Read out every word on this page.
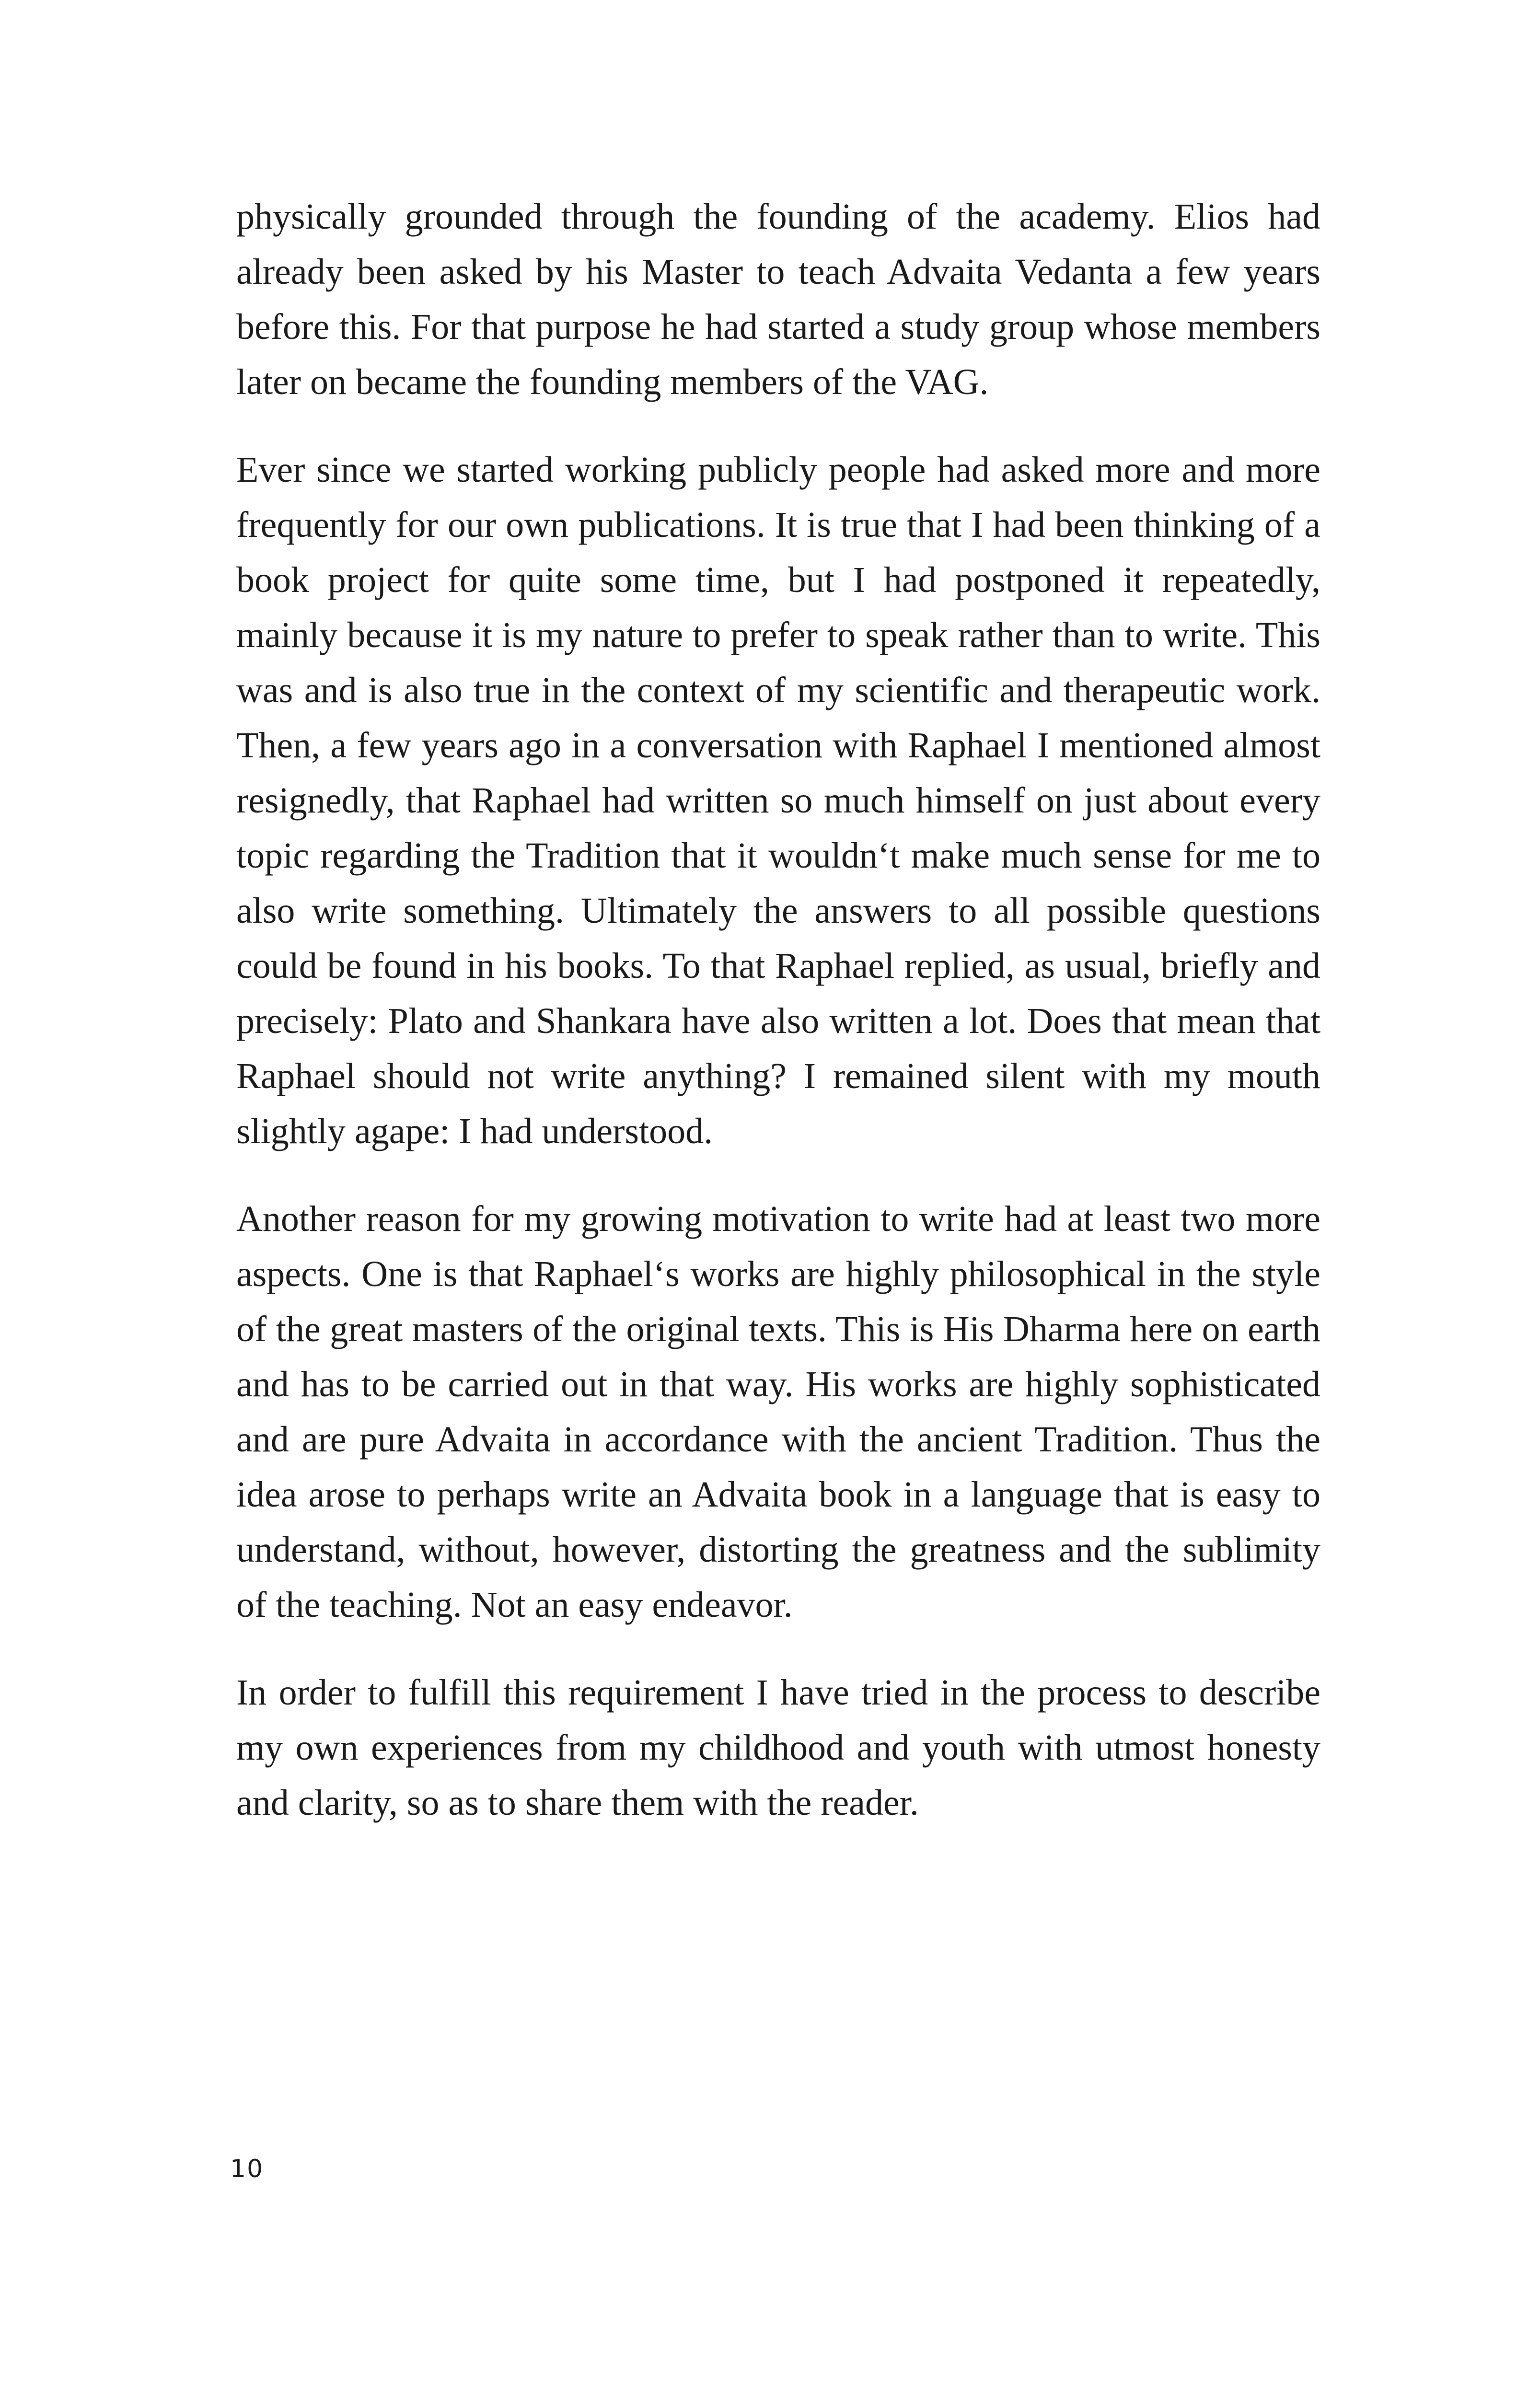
physically grounded through the founding of the academy. Elios had already been asked by his Master to teach Advaita Vedanta a few years before this. For that purpose he had started a study group whose members later on became the founding members of the VAG.

Ever since we started working publicly people had asked more and more frequently for our own publications. It is true that I had been thinking of a book project for quite some time, but I had postponed it repeatedly, mainly because it is my nature to prefer to speak rather than to write. This was and is also true in the context of my scientific and therapeutic work. Then, a few years ago in a conversation with Raphael I mentioned almost resignedly, that Raphael had written so much himself on just about every topic regarding the Tradition that it wouldn‘t make much sense for me to also write something. Ultimately the answers to all possible questions could be found in his books. To that Raphael replied, as usual, briefly and precisely: Plato and Shankara have also written a lot. Does that mean that Raphael should not write anything? I remained silent with my mouth slightly agape: I had understood.

Another reason for my growing motivation to write had at least two more aspects. One is that Raphael‘s works are highly philosophical in the style of the great masters of the original texts. This is His Dharma here on earth and has to be carried out in that way. His works are highly sophisticated and are pure Advaita in accordance with the ancient Tradition. Thus the idea arose to perhaps write an Advaita book in a language that is easy to understand, without, however, distorting the greatness and the sublimity of the teaching. Not an easy endeavor.

In order to fulfill this requirement I have tried in the process to describe my own experiences from my childhood and youth with utmost honesty and clarity, so as to share them with the reader.

10
